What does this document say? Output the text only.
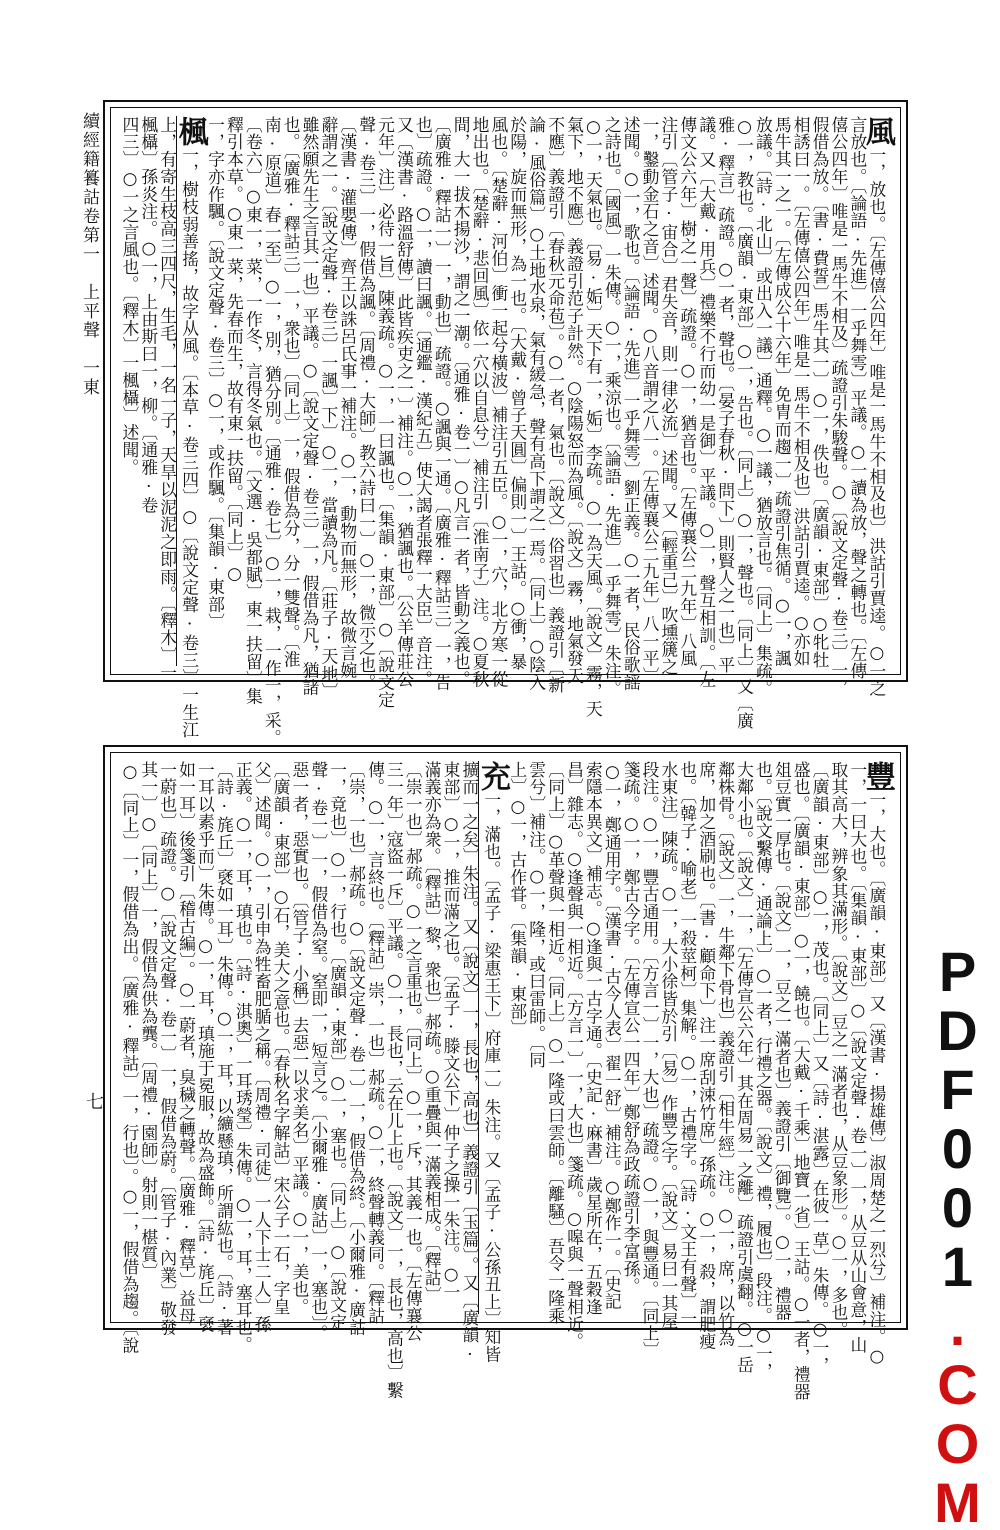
續經籍籑詁卷第一　上平聲　一東
七
風一，放也。〔左傳僖公四年〕唯是一馬牛不相及也〕洪詁引賈逵。○一之
言放也。〔論語·先進〕一乎舞雩〕平議。○一讀為放，聲之轉也。〔左傳
僖公四年〕唯是一馬牛不相及〕疏證引朱駿聲。○〔說文定聲·卷三〕一，
假借為放。〔書·費誓〕馬牛其一〕○一，佚也。〔廣韻·東部〕○牝牡
相誘曰一。〔左傳僖公四年〕唯是一馬牛不相及也〕洪詁引賈逵。○亦如
馬牛其一之一。〔左傳成公十六年〕免胄而趨一〕疏證引焦循。○一，諷
放議。〔詩·北山〕或出入一議〕通釋。○一議，猶放言也。〔同上〕集疏。
○一，教也。〔廣韻·東部〕○一，告也。〔同上〕○一，聲也。〔同上〕又〔廣
雅·釋言〕疏證。○一者，聲也。〔晏子春秋·問下〕則賢人之一也〕平
議。又〔大戴·用兵〕禮樂不行而幼一是御〕平議。○一，聲互相訓。〔左
傳文公六年〕樹之一聲〕疏證。○一，猶音也。〔左傳襄公二九年〕八風
注引〔管子·宙合〕君失音，則一律必流〕述聞。又〔輕重己〕吹壎篪之
一，鑿動金石之音〕述聞。○八音謂之八一。〔左傳襄公二九年〕八一平〕
述聞。○一，歌也。〔論語·先進〕一乎舞雩〕劉正義。○一者，民俗歌謡
之詩也。〔國風〕一朱傳。○一，乘涼也。〔論語·先進〕一乎舞雩〕朱注。
○一，天氣也。〔易·姤〕天下有一，姤〕李疏。○一為天風。〔說文〕霧，天
氣下，地不應〕義證引范子計然。○陰陽怒而為風。〔說文〕霧，地氣發天
不應〕義證引〔春秋元命苞〕。○一者，氣也。〔說文〕俗習也〕義證引〔新
論·風俗篇〕○土地水泉，氣有緩急，聲有高下謂之一焉。〔同上〕○陰入
於陽，旋而無形，為一也。〔大戴·曾子天圓〕偏則一〕王詁。○衝，暴
風也。〔楚辭·河伯〕衝一起兮橫波〕補注引五臣。○一，穴，北方寒一從
地出也。〔楚辭·悲回風〕依一穴以自息兮〕補注引〔淮南子〕注。○夏秋
間，大一拔木揚沙，謂之一潮。〔通雅·卷一〕○凡言一者，皆動之義也。
〔廣雅·釋詁一〕一，動也〕疏證。○諷與一通。〔廣雅·釋詁三〕一，告
也〕疏證。○一，讀曰諷。〔通鑑·漢紀五〕使大謁者張釋一大臣〕音注。
又〔漢書·路溫舒傳〕此皆疾吏之一〕補注。○一，猶諷也。〔公羊傳莊公
元年〕注〕必待一旨〕陳義疏。○一，一曰諷也。〔集韻·東部〕○〔說文定
聲·卷三〕一，假借為諷。〔周禮·大師〕教六詩曰一〕○一，微示之也。
〔漢書·灌嬰傳〕齊王以誅呂氏事一補注。○一，動物而無形，故微言婉
辭謂之一。〔說文定聲·卷三〕一諷〕下〕○一，當讀為凡。〔莊子·天地〕
雖然願先生之言其一也〕平議。○〔說文定聲·卷三〕一，假借為凡，猶諸
也。〔廣雅·釋詁三〕一，衆也〕〔同上〕一，假借為分，分一雙聲。〔淮
南·原道〕春一至〕○一，別，猶分別。〔通雅·卷七〕○一，栽，一作一，采。
〔卷六〕○東一，菜，一作冬，言得冬氣也。〔文選·吳都賦〕東一扶留〕集
釋引本草。○東一菜，先春而生，故有東一扶留。〔同上〕○
一，字亦作颿。〔說文定聲·卷三〕○一，或作颿。〔集韻·東部〕
楓一，樹枝弱善搖，故字从風。〔本草·卷三四〕○〔說文定聲·卷三〕一生江
上，有寄生枝高三四尺，生毛，一名一子，天旱以泥泥之即雨。〔釋木〕一
楓欇〕孫炎注。○一，上由斯曰一，柳。〔通雅·卷
四三〕○一之言風也。〔釋木〕一楓欇〕述聞。
豐一，大也。〔廣韻·東部〕又〔漢書·揚雄傳〕淑周楚之一烈兮〕補注。○
一，一曰大也。〔集韻·東部〕○〔說文定聲·卷一〕一，从豆从山會意，山
取其高大，辨象其滿形。〔說文〕豆之一滿者也，从豆象形〕。○一，多也。
〔廣韻·東部〕○一，茂也。〔同上〕又〔詩·湛露〕在彼一草〕朱傳。○一，
盛也。〔廣韻·東部〕○一，饒也。〔大戴·千乘〕地寶一省〕王詁。○一者，禮器
俎豆實一厚也。〔說文〕一，豆之一滿者也〕義證引〔御覽〕。○一，禮器
也。〔說文繫傳·通論上〕○一者，行禮之器。〔說文〕禮，履也〕段注。○一，
大鄰小也。〔說文〕一，〔左傳宣公六年〕其在周易一之離〕疏證引虞翻。○一岳
鄰株骨。〔說文〕一，牛鄰下骨也〕義證引〔相牛經〕注。○一，席，以竹為
席，加之酒刷也。〔書·顧命下〕注一席刮涑竹席〕孫疏。○一，殺，謂肥瘦
也。〔韓子·喻老〕一殺莖柯〕集解。○一，古禮字。〔詩·文王有聲〕一
水東注〕陳疏。○一，大小徐皆於引〔易〕作豐之字。〔說文〕易曰一其屋
段注。○一，豐古通用。〔方言一〕一，大也〕疏證。○一，與豐通。〔同上〕
箋疏。○一，鄭古今字。〔左傳宣公一四年〕鄭舒為政疏證引李富孫。
○一，鄭通用字。〔漢書·古今人表〕翟一舒〕補注。○鄭作一。〔史記
索隱本異文〕補志。○逢與一古字通。〔史記·麻書〕歲星所在，五穀逢
昌〕雜志。○逢聲與一相近。〔方言一〕一，大也〕箋疏。○嗥與一聲相近。
〔同上〕○革聲與一相近。〔同上〕○一隆或曰雲師。〔離騷〕吾令一隆乘
雲兮〕補注。○一，隆，或曰雷師。〔同
上〕○一，古作甞。〔集韻·東部〕
充一，滿也。〔孟子·梁惠王下〕府庫一〕朱注。又〔孟子·公孫丑上〕知皆
擴而一之矣〕朱注。又〔說文〕一，長也，高也〕義證引〔玉篇〕。又〔廣韻·
東部〕○一，推而滿之也。〔孟子·滕文公下〕仲子之操一朱注。○一
滿義亦為衆。〔釋詁〕黎，衆也〕郝疏。○重疊與一滿義相成。〔釋詁〕
〔崇一也〕郝疏。○一之言重也。〔同上〕○一，斥，其義一也。〔左傳襄公
三一年〕寇盜一斥〕平議。○一，長也，云在儿上也。〔說文〕一，長也，高也〕繫
傳。○一，言終也。〔釋詁〕崇，一也〕郝疏。○一，終聲轉義同。〔釋詁
〔崇，一也〕郝疏。○〔說文定聲·卷一〕一，假借為終。〔小爾雅·廣詁
一，竟也〕○一，行也。〔廣韻·東部〕○一，塞也。〔同上〕○〔說文定
聲·卷一〕一，假借為窒。窒即一，短言之。〔小爾雅·廣詁〕一，塞也〕。
惡一者，惡實也。〔管子·小稱〕去惡一以求美名〕平議。○一，美也。
〔廣韻·東部〕○石，美大之意也。〔春秋名字解詁〕宋公子一石，字皇
父〕述聞。○一，引申為牲畜肥腯之稱。〔周禮·司徒〕一人下士二人〕孫
正義。○一，耳，瑱也。〔詩·淇奧〕一耳琇瑩〕朱傳。○一，耳，塞耳也。
〔詩·旄丘〕褎如一耳〕朱傳。○一，耳，以纊懸瑱，所謂紘也。〔詩·著
一耳以素乎而〕朱傳。○一，耳，瑱施于冕服，故為盛飾。〔詩·旄丘〕褎
如一耳〕後箋引〔稽古編〕。○一蔚者，臭穢之轉聲。〔廣雅·釋草〕益母
一蔚也〕疏證。○〔說文定聲·卷一〕一，假借為蔚。〔管子·內業〕敬發
其一〕○〔同上〕一，假借為供為龔。〔周禮·園師〕射則一椹質〕
○〔同上〕一，假借為出。〔廣雅·釋詁〕一，行也〕。○一，假借為趨。〔說	PDF001.COM
